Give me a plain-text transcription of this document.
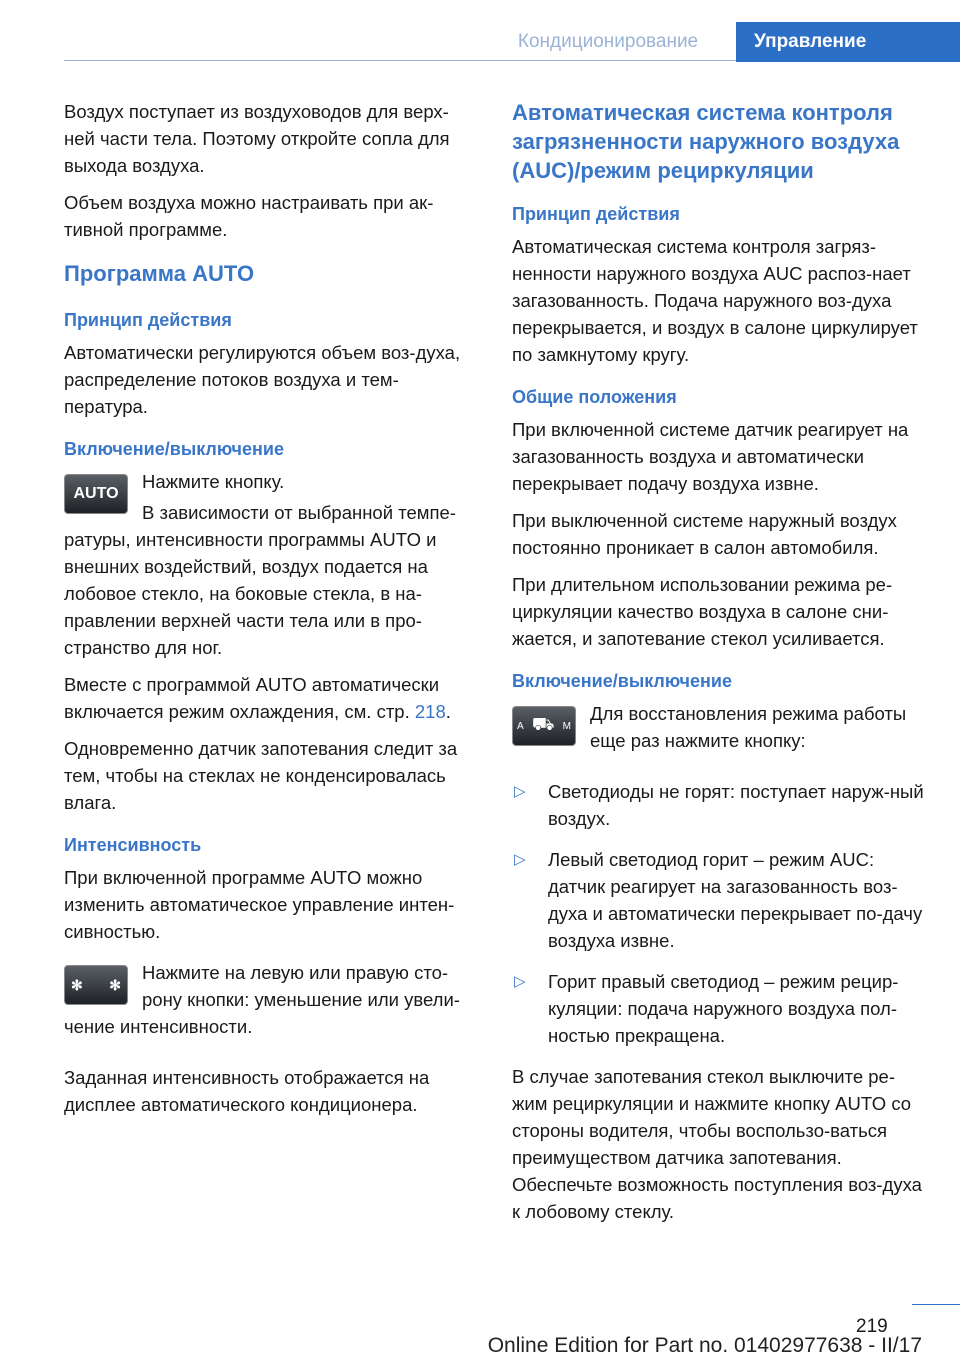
Кондиционирование	Управление

Воздух поступает из воздуховодов для верх-ней части тела. Поэтому откройте сопла для выхода воздуха.

Объем воздуха можно настраивать при ак-тивной программе.

Программа AUTO
Принцип действия

Автоматически регулируются объем воз-духа, распределение потоков воздуха и тем-пература.

Включение/выключение
AUTO

Нажмите кнопку.

В зависимости от выбранной темпе-ратуры, интенсивности программы AUTO и внешних воздействий, воздух подается на лобовое стекло, на боковые стекла, в на-правлении верхней части тела или в про-странство для ног.

Вместе с программой AUTO автоматически включается режим охлаждения, см. стр. 218.

Одновременно датчик запотевания следит за тем, чтобы на стеклах не конденсировалась влага.

Интенсивность

При включенной программе AUTO можно изменить автоматическое управление интен-сивностью.

✻ ✻

Нажмите на левую или правую сто-рону кнопки: уменьшение или увели-чение интенсивности.

Заданная интенсивность отображается на дисплее автоматического кондиционера.

Автоматическая система контроля загрязненности наружного воздуха (AUC)/режим рециркуляции
Принцип действия

Автоматическая система контроля загряз-ненности наружного воздуха AUC распоз-нает загазованность. Подача наружного воз-духа перекрывается, и воздух в салоне циркулирует по замкнутому кругу.

Общие положения

При включенной системе датчик реагирует на загазованность воздуха и автоматически перекрывает подачу воздуха извне.

При выключенной системе наружный воздух постоянно проникает в салон автомобиля.

При длительном использовании режима ре-циркуляции качество воздуха в салоне сни-жается, и запотевание стекол усиливается.

Включение/выключение
A ⛟ M

Для восстановления режима работы еще раз нажмите кнопку:

▷ Светодиоды не горят: поступает наруж-ный воздух.
▷ Левый светодиод горит – режим AUC: датчик реагирует на загазованность воз-духа и автоматически перекрывает по-дачу воздуха извне.
▷ Горит правый светодиод – режим рецир-куляции: подача наружного воздуха пол-ностью прекращена.

В случае запотевания стекол выключите ре-жим рециркуляции и нажмите кнопку AUTO со стороны водителя, чтобы воспользо-ваться преимуществом датчика запотевания. Обеспечьте возможность поступления воз-духа к лобовому стеклу.

219
Online Edition for Part no. 01402977638 - II/17
